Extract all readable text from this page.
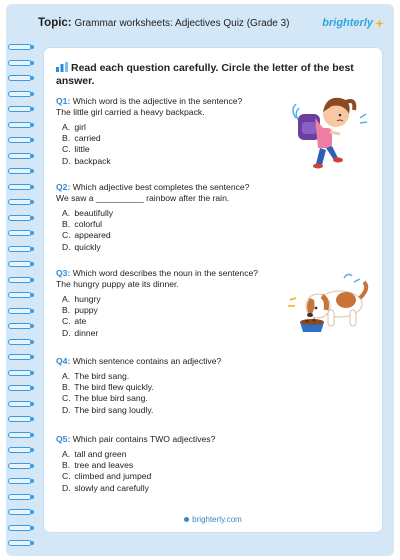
Topic: Grammar worksheets: Adjectives Quiz (Grade 3)	brighterly
Read each question carefully. Circle the letter of the best answer.
Q1: Which word is the adjective in the sentence?
The little girl carried a heavy backpack.
A. girl
B. carried
C. little
D. backpack
Q2: Which adjective best completes the sentence?
We saw a __________ rainbow after the rain.
A. beautifully
B. colorful
C. appeared
D. quickly
Q3: Which word describes the noun in the sentence?
The hungry puppy ate its dinner.
A. hungry
B. puppy
C. ate
D. dinner
Q4: Which sentence contains an adjective?
A. The bird sang.
B. The bird flew quickly.
C. The blue bird sang.
D. The bird sang loudly.
Q5: Which pair contains TWO adjectives?
A. tall and green
B. tree and leaves
C. climbed and jumped
D. slowly and carefully
brighterly.com
